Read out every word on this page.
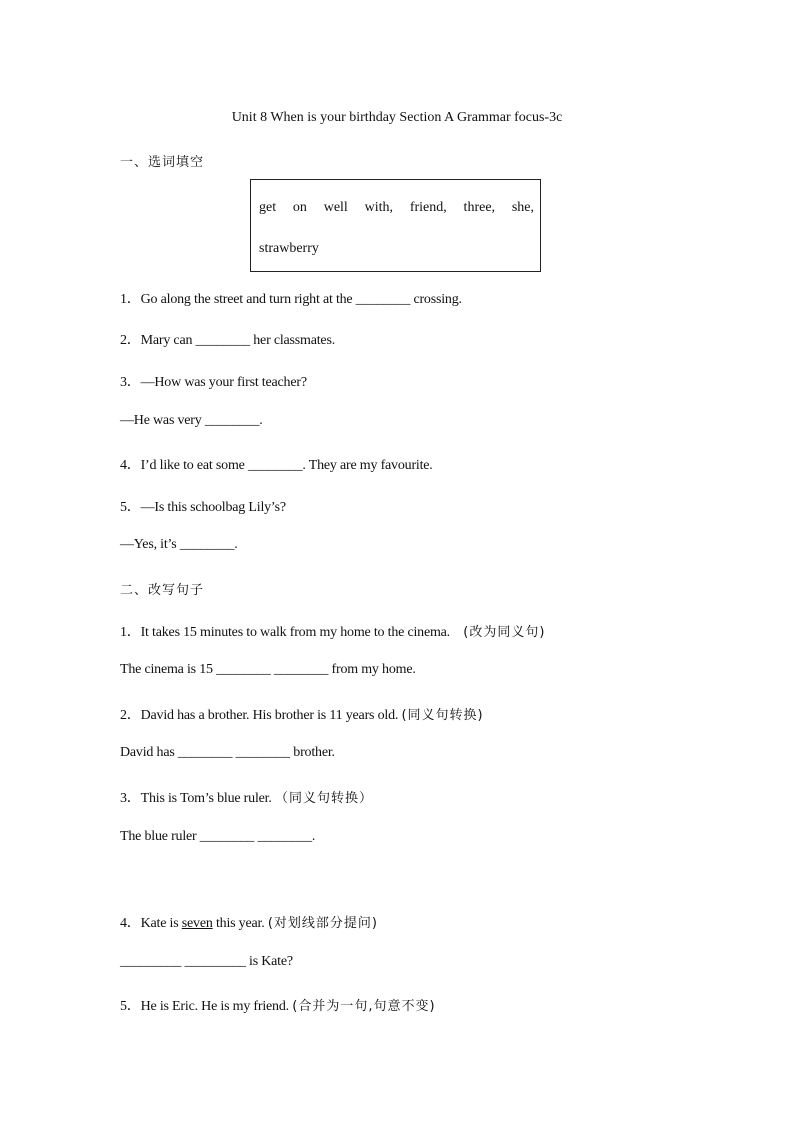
Unit 8 When is your birthday Section A Grammar focus-3c
一、选词填空
get on well with, friend, three, she,
strawberry
1．Go along the street and turn right at the ________ crossing.
2．Mary can ________ her classmates.
3．—How was your first teacher?
—He was very ________.
4．I’d like to eat some ________. They are my favourite.
5．—Is this schoolbag Lily’s?
—Yes, it’s ________.
二、改写句子
1．It takes 15 minutes to walk from my home to the cinema. (改为同义句)
The cinema is 15 ________ ________ from my home.
2．David has a brother. His brother is 11 years old. (同义句转换)
David has ________ ________ brother.
3．This is Tom’s blue ruler. （同义句转换）
The blue ruler ________ ________.
4．Kate is seven this year. (对划线部分提问)
_________ _________ is Kate?
5．He is Eric. He is my friend. (合并为一句,句意不变)
